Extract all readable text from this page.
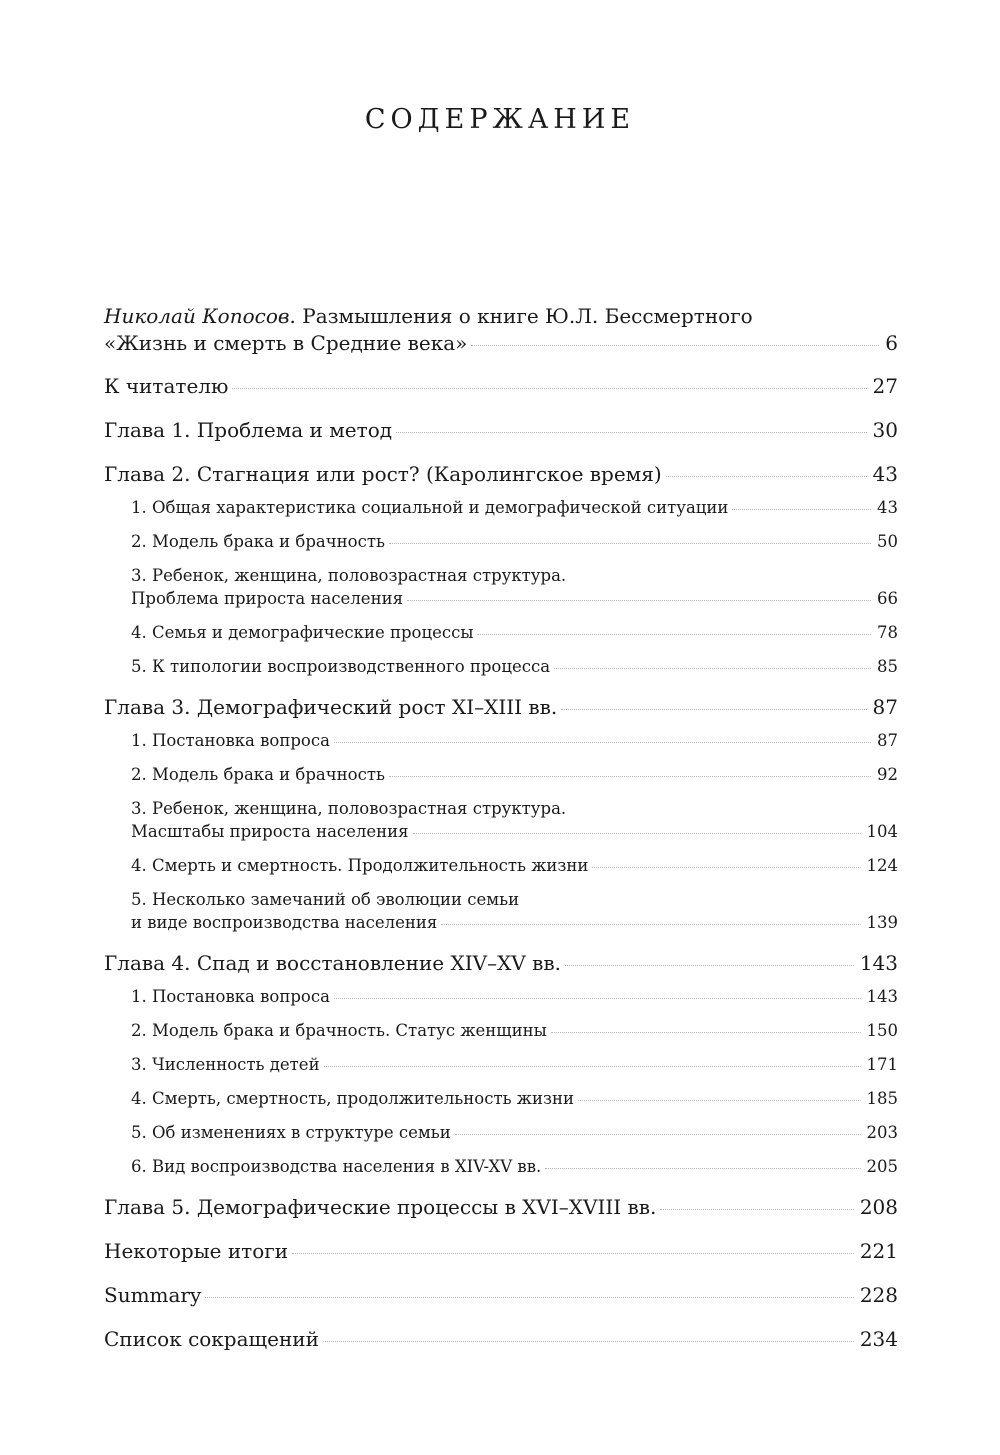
СОДЕРЖАНИЕ
Николай Копосов. Размышления о книге Ю.Л. Бессмертного
«Жизнь и смерть в Средние века»	6
К читателю	27
Глава 1. Проблема и метод	30
Глава 2. Стагнация или рост? (Каролингское время)	43
1. Общая характеристика социальной и демографической ситуации	43
2. Модель брака и брачность	50
3. Ребенок, женщина, половозрастная структура.
Проблема прироста населения	66
4. Семья и демографические процессы	78
5. К типологии воспроизводственного процесса	85
Глава 3. Демографический рост XI–XIII вв.	87
1. Постановка вопроса	87
2. Модель брака и брачность	92
3. Ребенок, женщина, половозрастная структура.
Масштабы прироста населения	104
4. Смерть и смертность. Продолжительность жизни	124
5. Несколько замечаний об эволюции семьи
и виде воспроизводства населения	139
Глава 4. Спад и восстановление XIV–XV вв.	143
1. Постановка вопроса	143
2. Модель брака и брачность. Статус женщины	150
3. Численность детей	171
4. Смерть, смертность, продолжительность жизни	185
5. Об изменениях в структуре семьи	203
6. Вид воспроизводства населения в XIV-XV вв.	205
Глава 5. Демографические процессы в XVI–XVIII вв.	208
Некоторые итоги	221
Summary	228
Список сокращений	234
